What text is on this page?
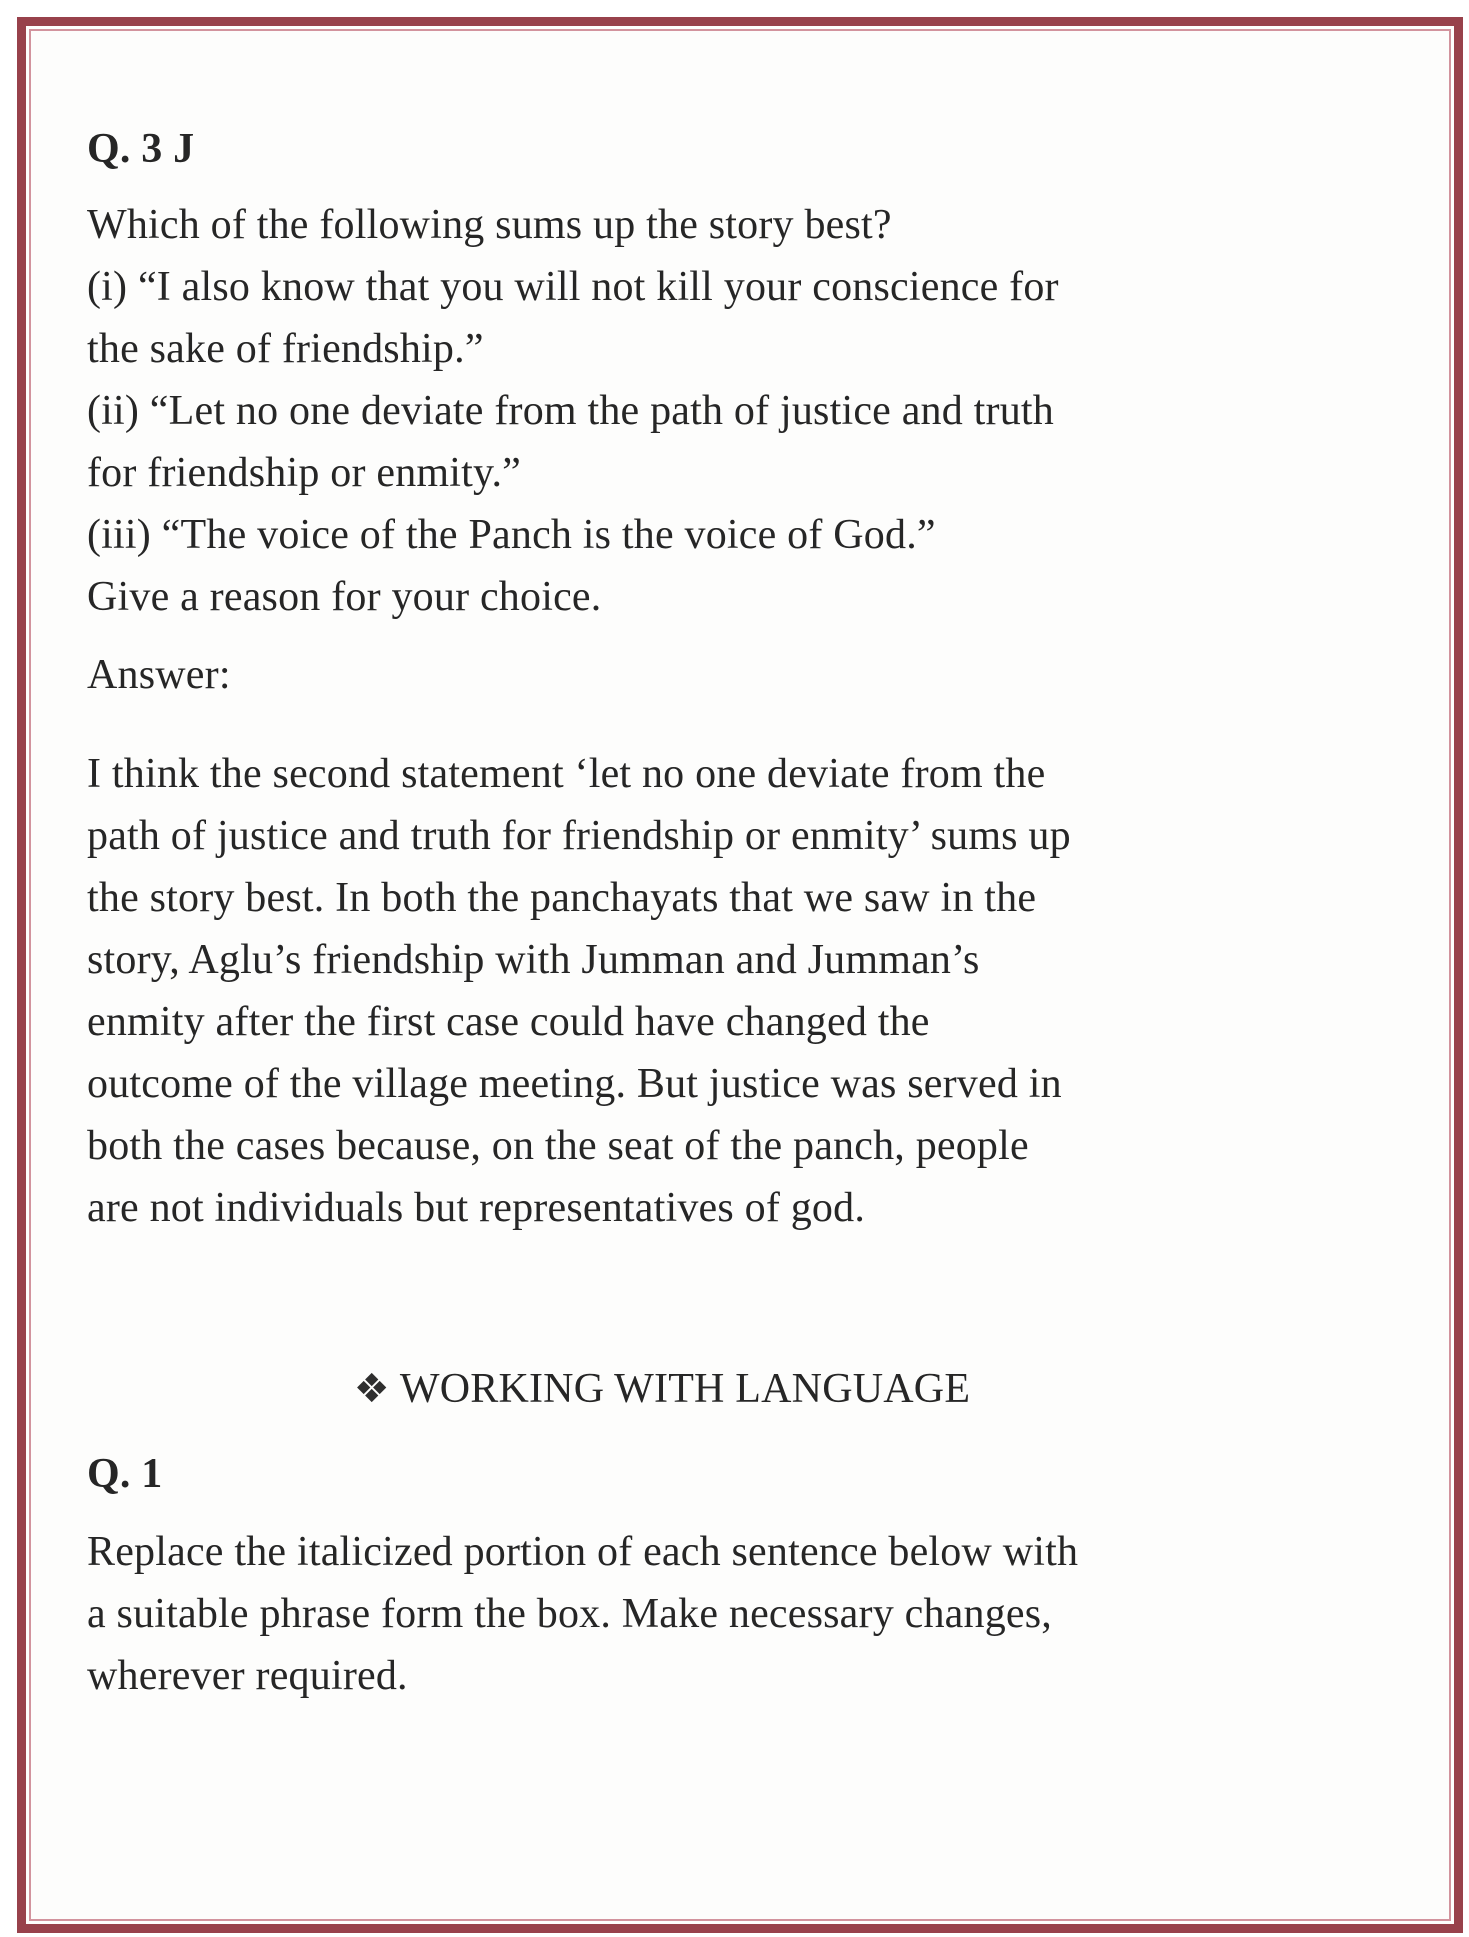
Q. 3 J
Which of the following sums up the story best?
(i) “I also know that you will not kill your conscience for
the sake of friendship.”
(ii) “Let no one deviate from the path of justice and truth
for friendship or enmity.”
(iii) “The voice of the Panch is the voice of God.”
Give a reason for your choice.
Answer:
I think the second statement ‘let no one deviate from the
path of justice and truth for friendship or enmity’ sums up
the story best. In both the panchayats that we saw in the
story, Aglu’s friendship with Jumman and Jumman’s
enmity after the first case could have changed the
outcome of the village meeting. But justice was served in
both the cases because, on the seat of the panch, people
are not individuals but representatives of god.
❖ WORKING WITH LANGUAGE
Q. 1
Replace the italicized portion of each sentence below with
a suitable phrase form the box. Make necessary changes,
wherever required.
